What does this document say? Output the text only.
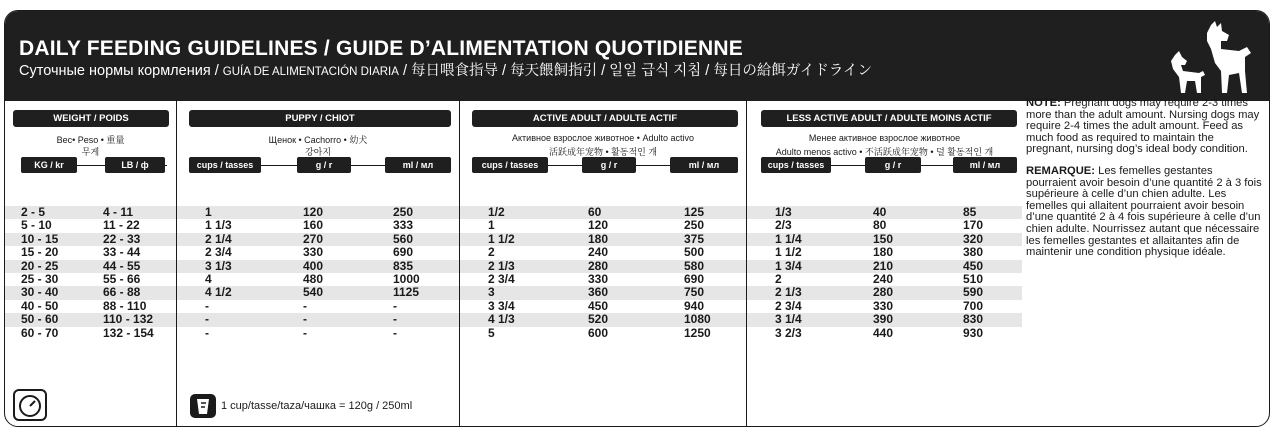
DAILY FEEDING GUIDELINES / GUIDE D’ALIMENTATION QUOTIDIENNE
Суточные нормы кормления / GUÍA DE ALIMENTACIÓN DIARIA / 每日喂食指导 / 每天餵飼指引 / 일일 급식 지침 / 每日の給餌ガイドライン
WEIGHT / POIDS
Вес• Peso • 重量
무게
KG / kr	LB / ф
2 - 5	4 - 11
5 - 10	11 - 22
10 - 15	22 - 33
15 - 20	33 - 44
20 - 25	44 - 55
25 - 30	55 - 66
30 - 40	66 - 88
40 - 50	88 - 110
50 - 60	110 - 132
60 - 70	132 - 154
PUPPY / CHIOT
Щенок • Cachorro • 幼犬
강아지
cups / tasses	g / r	ml / мл
1	120	250
1 1/3	160	333
2 1/4	270	560
2 3/4	330	690
3 1/3	400	835
4	480	1000
4 1/2	540	1125
-	-	-
-	-	-
-	-	-
1 cup/tasse/taza/чашка = 120g / 250ml
ACTIVE ADULT / ADULTE ACTIF
Активное взрослое животное • Adulto activo
活跃成年宠物 • 활동적인 개
cups / tasses	g / r	ml / мл
1/2	60	125
1	120	250
1 1/2	180	375
2	240	500
2 1/3	280	580
2 3/4	330	690
3	360	750
3 3/4	450	940
4 1/3	520	1080
5	600	1250
LESS ACTIVE ADULT / ADULTE MOINS ACTIF
Менее активное взрослое животное
Adulto menos activo • 不活跃成年宠物 • 덜 활동적인 개
cups / tasses	g / r	ml / мл
1/3	40	85
2/3	80	170
1 1/4	150	320
1 1/2	180	380
1 3/4	210	450
2	240	510
2 1/3	280	590
2 3/4	330	700
3 1/4	390	830
3 2/3	440	930

NOTE: Pregnant dogs may require 2-3 times more than the adult amount. Nursing dogs may require 2-4 times the adult amount. Feed as much food as required to maintain the pregnant, nursing dog’s ideal body condition.

REMARQUE: Les femelles gestantes pourraient avoir besoin d’une quantité 2 à 3 fois supérieure à celle d’un chien adulte. Les femelles qui allaitent pourraient avoir besoin d’une quantité 2 à 4 fois supérieure à celle d’un chien adulte. Nourrissez autant que nécessaire les femelles gestantes et allaitantes afin de maintenir une condition physique idéale.
